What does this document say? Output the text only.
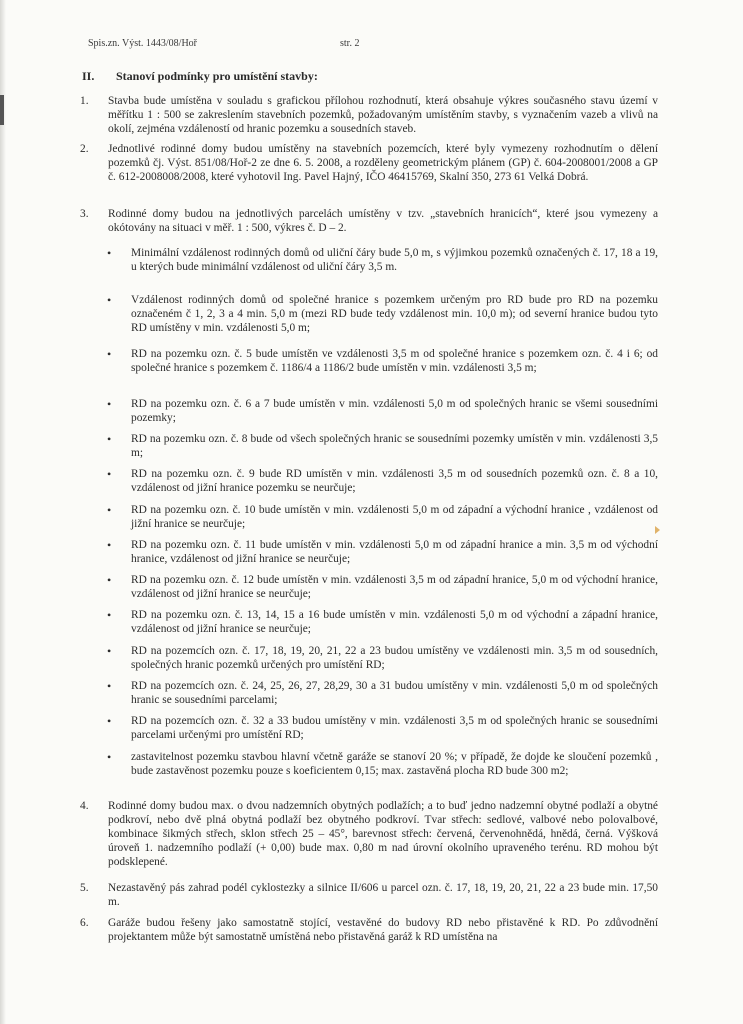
Spis.zn. Výst. 1443/08/Hoř	str. 2
II. Stanoví podmínky pro umístění stavby:
1. Stavba bude umístěna v souladu s grafickou přílohou rozhodnutí, která obsahuje výkres současného stavu území v měřítku 1 : 500 se zakreslením stavebních pozemků, požadovaným umístěním stavby, s vyznačením vazeb a vlivů na okolí, zejména vzdáleností od hranic pozemku a sousedních staveb.
2. Jednotlivé rodinné domy budou umístěny na stavebních pozemcích, které byly vymezeny rozhodnutím o dělení pozemků čj. Výst. 851/08/Hoř-2 ze dne 6. 5. 2008, a rozděleny geometrickým plánem (GP) č. 604-2008001/2008 a GP č. 612-2008008/2008, které vyhotovil Ing. Pavel Hajný, IČO 46415769, Skalní 350, 273 61 Velká Dobrá.
3. Rodinné domy budou na jednotlivých parcelách umístěny v tzv. „stavebních hranicích“, které jsou vymezeny a okótovány na situaci v měř. 1 : 500, výkres č. D – 2.
• Minimální vzdálenost rodinných domů od uliční čáry bude 5,0 m, s výjimkou pozemků označených č. 17, 18 a 19, u kterých bude minimální vzdálenost od uliční čáry 3,5 m.
• Vzdálenost rodinných domů od společné hranice s pozemkem určeným pro RD bude pro RD na pozemku označeném č 1, 2, 3 a 4 min. 5,0 m (mezi RD bude tedy vzdálenost min. 10,0 m); od severní hranice budou tyto RD umístěny v min. vzdálenosti 5,0 m;
• RD na pozemku ozn. č. 5 bude umístěn ve vzdálenosti 3,5 m od společné hranice s pozemkem ozn. č. 4 i 6; od společné hranice s pozemkem č. 1186/4 a 1186/2 bude umístěn v min. vzdálenosti 3,5 m;
• RD na pozemku ozn. č. 6 a 7 bude umístěn v min. vzdálenosti 5,0 m od společných hranic se všemi sousedními pozemky;
• RD na pozemku ozn. č. 8 bude od všech společných hranic se sousedními pozemky umístěn v min. vzdálenosti 3,5 m;
• RD na pozemku ozn. č. 9 bude RD umístěn v min. vzdálenosti 3,5 m od sousedních pozemků ozn. č. 8 a 10, vzdálenost od jižní hranice pozemku se neurčuje;
• RD na pozemku ozn. č. 10 bude umístěn v min. vzdálenosti 5,0 m od západní a východní hranice , vzdálenost od jižní hranice se neurčuje;
• RD na pozemku ozn. č. 11 bude umístěn v min. vzdálenosti 5,0 m od západní hranice a min. 3,5 m od východní hranice, vzdálenost od jižní hranice se neurčuje;
• RD na pozemku ozn. č. 12 bude umístěn v min. vzdálenosti 3,5 m od západní hranice, 5,0 m od východní hranice, vzdálenost od jižní hranice se neurčuje;
• RD na pozemku ozn. č. 13, 14, 15 a 16 bude umístěn v min. vzdálenosti 5,0 m od východní a západní hranice, vzdálenost od jižní hranice se neurčuje;
• RD na pozemcích ozn. č. 17, 18, 19, 20, 21, 22 a 23 budou umístěny ve vzdálenosti min. 3,5 m od sousedních, společných hranic pozemků určených pro umístění RD;
• RD na pozemcích ozn. č. 24, 25, 26, 27, 28,29, 30 a 31 budou umístěny v min. vzdálenosti 5,0 m od společných hranic se sousedními parcelami;
• RD na pozemcích ozn. č. 32 a 33 budou umístěny v min. vzdálenosti 3,5 m od společných hranic se sousedními parcelami určenými pro umístění RD;
• zastavitelnost pozemku stavbou hlavní včetně garáže se stanoví 20 %; v případě, že dojde ke sloučení pozemků , bude zastavěnost pozemku pouze s koeficientem 0,15; max. zastavěná plocha RD bude 300 m2;
4. Rodinné domy budou max. o dvou nadzemních obytných podlažích; a to buď jedno nadzemní obytné podlaží a obytné podkroví, nebo dvě plná obytná podlaží bez obytného podkroví. Tvar střech: sedlové, valbové nebo polovalbové, kombinace šikmých střech, sklon střech 25 – 45°, barevnost střech: červená, červenohnědá, hnědá, černá. Výšková úroveň 1. nadzemního podlaží (+ 0,00) bude max. 0,80 m nad úrovní okolního upraveného terénu. RD mohou být podsklepené.
5. Nezastavěný pás zahrad podél cyklostezky a silnice II/606 u parcel ozn. č. 17, 18, 19, 20, 21, 22 a 23 bude min. 17,50 m.
6. Garáže budou řešeny jako samostatně stojící, vestavěné do budovy RD nebo přistavěné k RD. Po zdůvodnění projektantem může být samostatně umístěná nebo přistavěná garáž k RD umístěna na
